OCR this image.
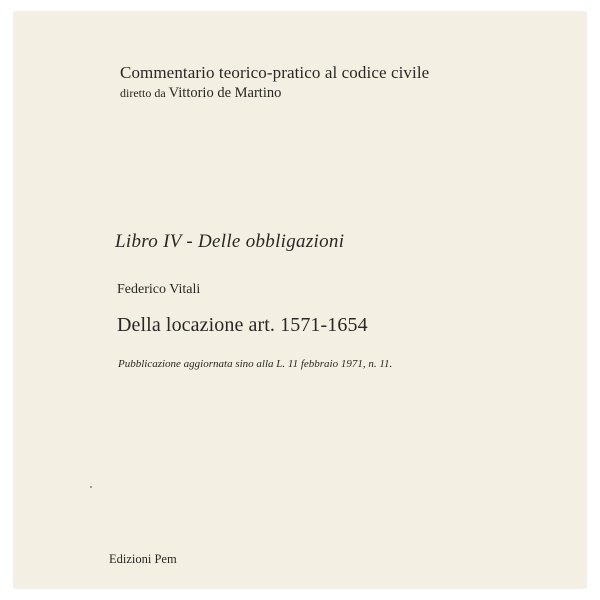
Commentario teorico-pratico al codice civile
diretto da Vittorio de Martino
Libro IV - Delle obbligazioni
Federico Vitali
Della locazione art. 1571-1654
Pubblicazione aggiornata sino alla L. 11 febbraio 1971, n. 11.
Edizioni Pem
